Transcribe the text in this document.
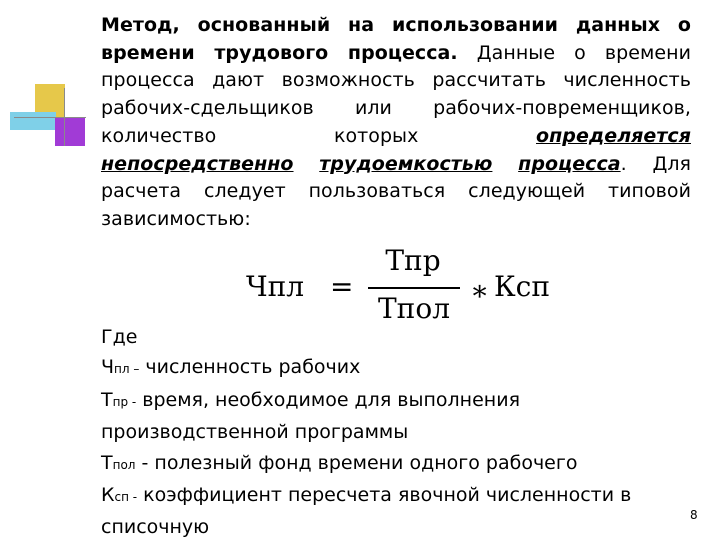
Метод, основанный на использовании данных о
времени трудового процесса. Данные о времени
процесса дают возможность рассчитать численность
рабочих-сдельщиков или рабочих-повременщиков,
количество которых определяется
непосредственно трудоемкостью процесса. Для
расчета следует пользоваться следующей типовой
зависимостью:
Чпл =
Тпр
Тпол
∗ Ксп
Где
Чпл – численность рабочих
Тпр - время, необходимое для выполнения
производственной программы
Тпол - полезный фонд времени одного рабочего
Ксп - коэффициент пересчета явочной численности в
списочную
8
